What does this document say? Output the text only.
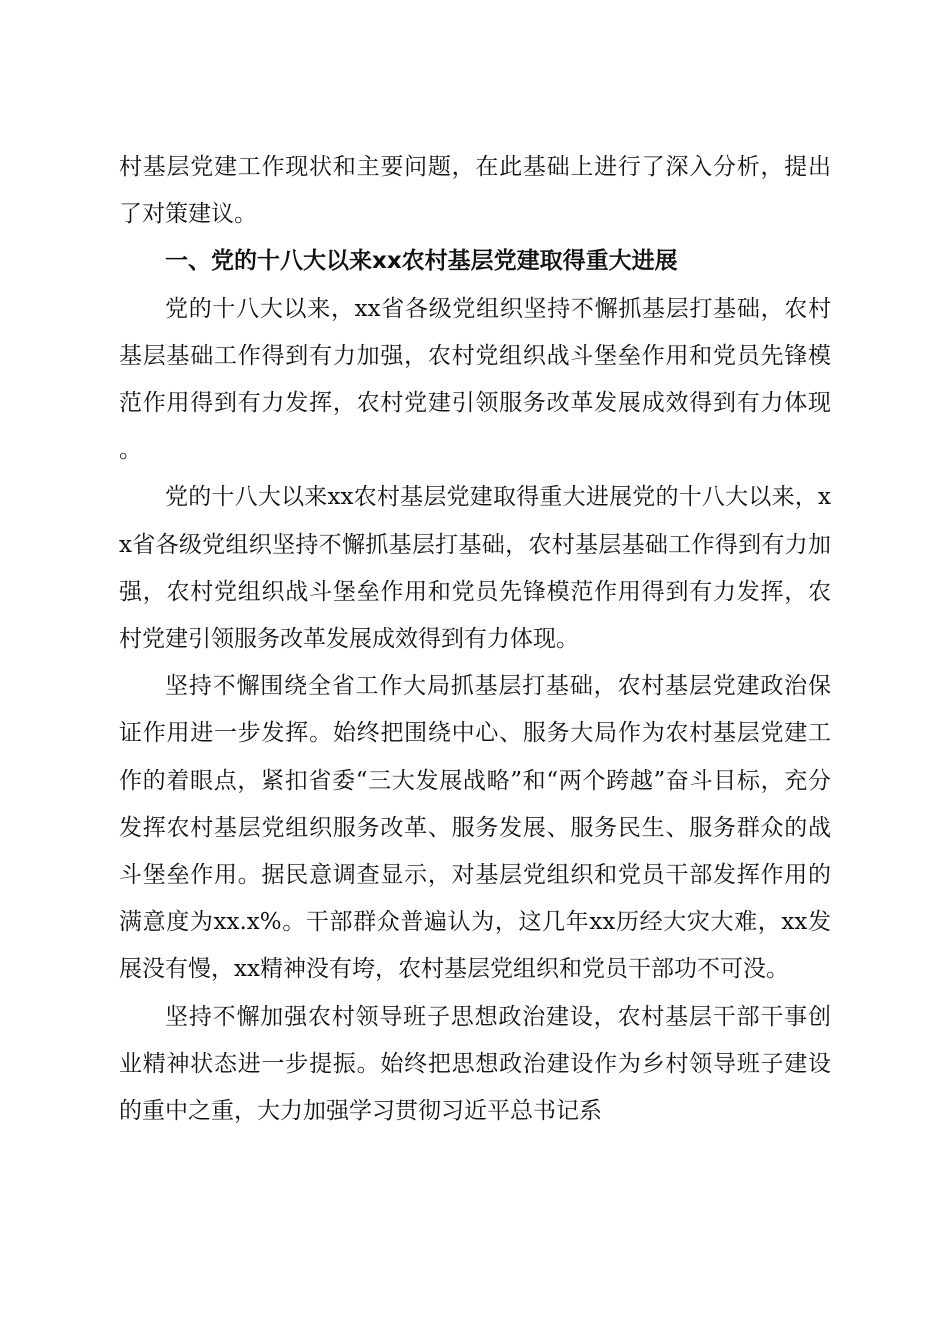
村基层党建工作现状和主要问题，在此基础上进行了深入分析，提出了对策建议。

一、党的十八大以来xx农村基层党建取得重大进展

党的十八大以来，xx省各级党组织坚持不懈抓基层打基础，农村基层基础工作得到有力加强，农村党组织战斗堡垒作用和党员先锋模范作用得到有力发挥，农村党建引领服务改革发展成效得到有力体现。

党的十八大以来xx农村基层党建取得重大进展党的十八大以来，xx省各级党组织坚持不懈抓基层打基础，农村基层基础工作得到有力加强，农村党组织战斗堡垒作用和党员先锋模范作用得到有力发挥，农村党建引领服务改革发展成效得到有力体现。

坚持不懈围绕全省工作大局抓基层打基础，农村基层党建政治保证作用进一步发挥。始终把围绕中心、服务大局作为农村基层党建工作的着眼点，紧扣省委“三大发展战略”和“两个跨越”奋斗目标，充分发挥农村基层党组织服务改革、服务发展、服务民生、服务群众的战斗堡垒作用。据民意调查显示，对基层党组织和党员干部发挥作用的满意度为xx.x%。干部群众普遍认为，这几年xx历经大灾大难，xx发展没有慢，xx精神没有垮，农村基层党组织和党员干部功不可没。

坚持不懈加强农村领导班子思想政治建设，农村基层干部干事创业精神状态进一步提振。始终把思想政治建设作为乡村领导班子建设的重中之重，大力加强学习贯彻习近平总书记系
